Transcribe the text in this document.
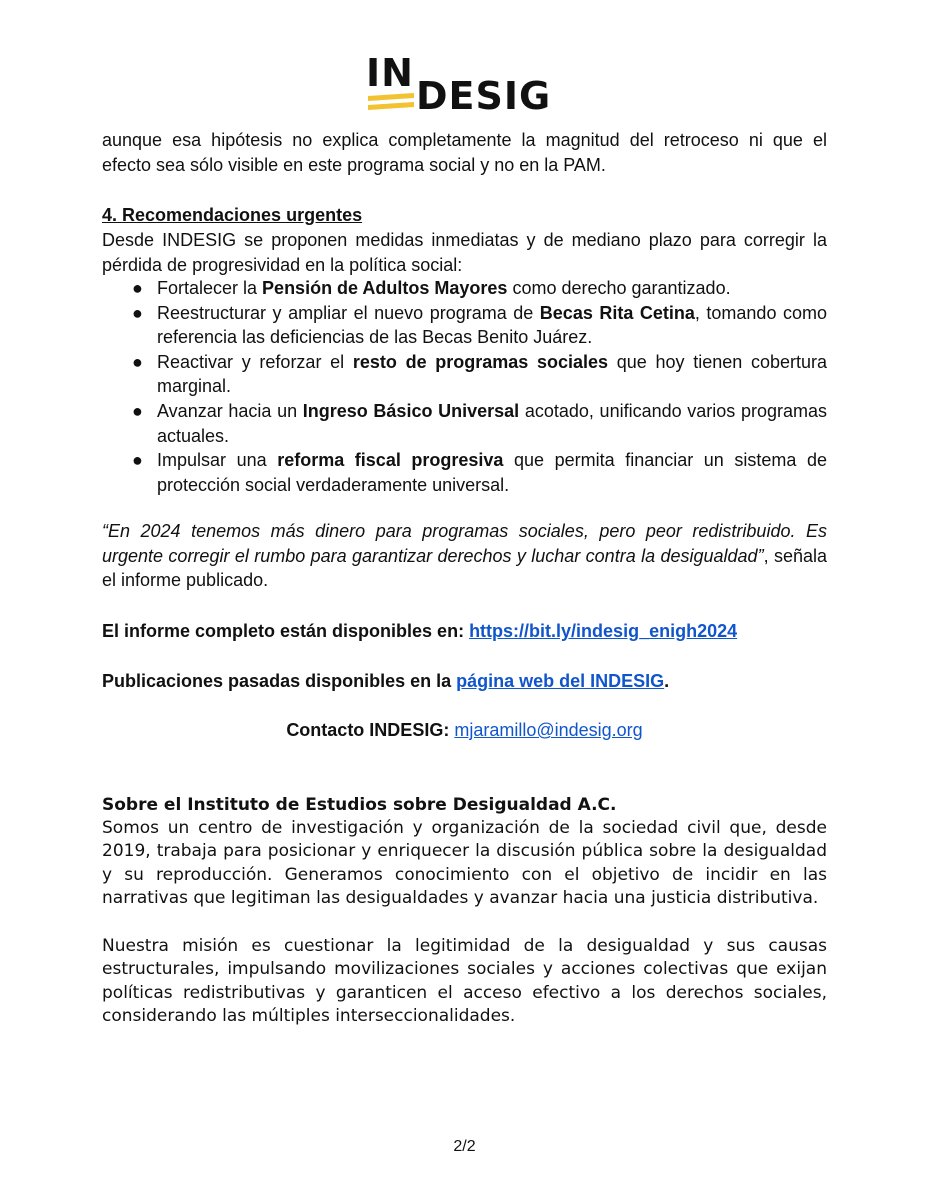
IN
DESIG
aunque esa hipótesis no explica completamente la magnitud del retroceso ni que el
efecto sea sólo visible en este programa social y no en la PAM.
4. Recomendaciones urgentes
Desde INDESIG se proponen medidas inmediatas y de mediano plazo para corregir la pérdida de progresividad en la política social:
● Fortalecer la Pensión de Adultos Mayores como derecho garantizado.
● Reestructurar y ampliar el nuevo programa de Becas Rita Cetina, tomando como referencia las deficiencias de las Becas Benito Juárez.
● Reactivar y reforzar el resto de programas sociales que hoy tienen cobertura marginal.
● Avanzar hacia un Ingreso Básico Universal acotado, unificando varios programas actuales.
● Impulsar una reforma fiscal progresiva que permita financiar un sistema de protección social verdaderamente universal.
“En 2024 tenemos más dinero para programas sociales, pero peor redistribuido. Es urgente corregir el rumbo para garantizar derechos y luchar contra la desigualdad”, señala el informe publicado.
El informe completo están disponibles en: https://bit.ly/indesig_enigh2024
Publicaciones pasadas disponibles en la página web del INDESIG.
Contacto INDESIG: mjaramillo@indesig.org
Sobre el Instituto de Estudios sobre Desigualdad A.C.
Somos un centro de investigación y organización de la sociedad civil que, desde 2019, trabaja para posicionar y enriquecer la discusión pública sobre la desigualdad y su reproducción. Generamos conocimiento con el objetivo de incidir en las narrativas que legitiman las desigualdades y avanzar hacia una justicia distributiva.
Nuestra misión es cuestionar la legitimidad de la desigualdad y sus causas estructurales, impulsando movilizaciones sociales y acciones colectivas que exijan políticas redistributivas y garanticen el acceso efectivo a los derechos sociales, considerando las múltiples interseccionalidades.
2/2
